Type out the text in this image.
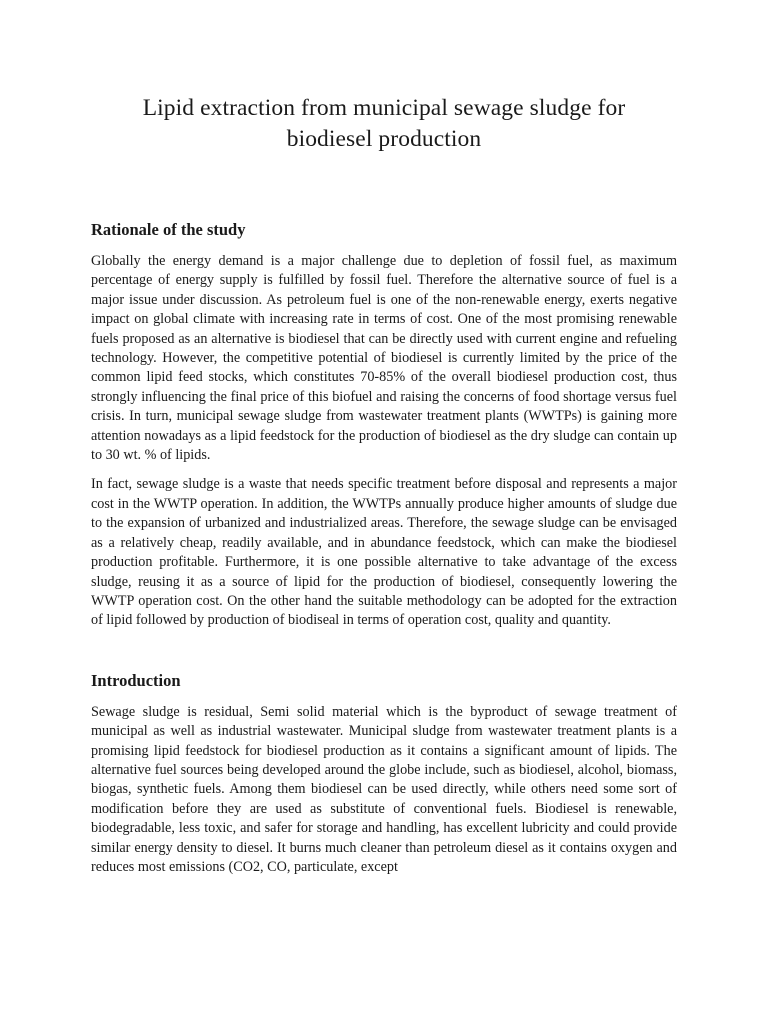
Lipid extraction from municipal sewage sludge for
biodiesel production
Rationale of the study

Globally the energy demand is a major challenge due to depletion of fossil fuel, as maximum percentage of energy supply is fulfilled by fossil fuel. Therefore the alternative source of fuel is a major issue under discussion. As petroleum fuel is one of the non-renewable energy, exerts negative impact on global climate with increasing rate in terms of cost. One of the most promising renewable fuels proposed as an alternative is biodiesel that can be directly used with current engine and refueling technology. However, the competitive potential of biodiesel is currently limited by the price of the common lipid feed stocks, which constitutes 70-85% of the overall biodiesel production cost, thus strongly influencing the final price of this biofuel and raising the concerns of food shortage versus fuel crisis. In turn, municipal sewage sludge from wastewater treatment plants (WWTPs) is gaining more attention nowadays as a lipid feedstock for the production of biodiesel as the dry sludge can contain up to 30 wt. % of lipids.

In fact, sewage sludge is a waste that needs specific treatment before disposal and represents a major cost in the WWTP operation. In addition, the WWTPs annually produce higher amounts of sludge due to the expansion of urbanized and industrialized areas. Therefore, the sewage sludge can be envisaged as a relatively cheap, readily available, and in abundance feedstock, which can make the biodiesel production profitable. Furthermore, it is one possible alternative to take advantage of the excess sludge, reusing it as a source of lipid for the production of biodiesel, consequently lowering the WWTP operation cost. On the other hand the suitable methodology can be adopted for the extraction of lipid followed by production of biodiseal in terms of operation cost, quality and quantity.

Introduction

Sewage sludge is residual, Semi solid material which is the byproduct of sewage treatment of municipal as well as industrial wastewater. Municipal sludge from wastewater treatment plants is a promising lipid feedstock for biodiesel production as it contains a significant amount of lipids. The alternative fuel sources being developed around the globe include, such as biodiesel, alcohol, biomass, biogas, synthetic fuels. Among them biodiesel can be used directly, while others need some sort of modification before they are used as substitute of conventional fuels. Biodiesel is renewable, biodegradable, less toxic, and safer for storage and handling, has excellent lubricity and could provide similar energy density to diesel. It burns much cleaner than petroleum diesel as it contains oxygen and reduces most emissions (CO2, CO, particulate, except
